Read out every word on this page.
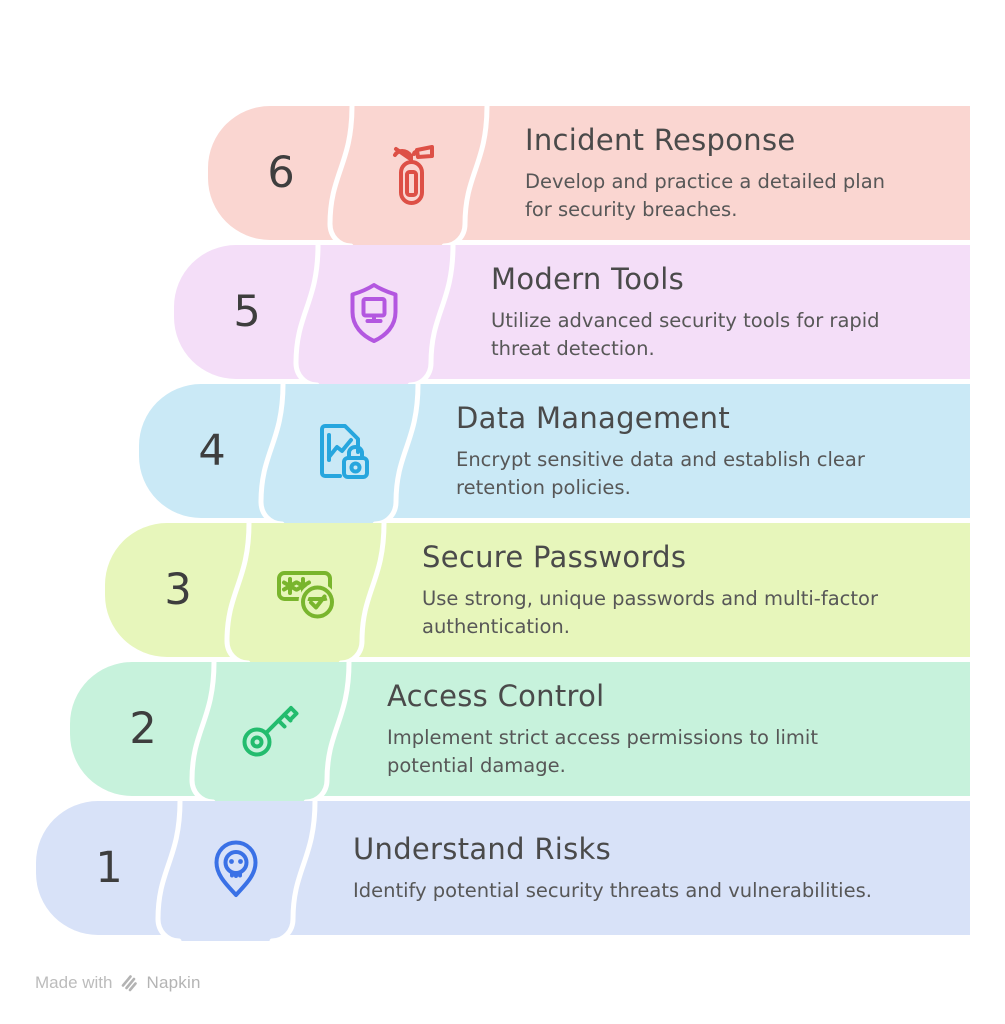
6
Incident Response
Develop and practice a detailed plan
for security breaches.
5
Modern Tools
Utilize advanced security tools for rapid
threat detection.
4
Data Management
Encrypt sensitive data and establish clear
retention policies.
3
Secure Passwords
Use strong, unique passwords and multi-factor
authentication.
2
Access Control
Implement strict access permissions to limit
potential damage.
1	Understand Risks
Identify potential security threats and vulnerabilities.
Made with Napkin
